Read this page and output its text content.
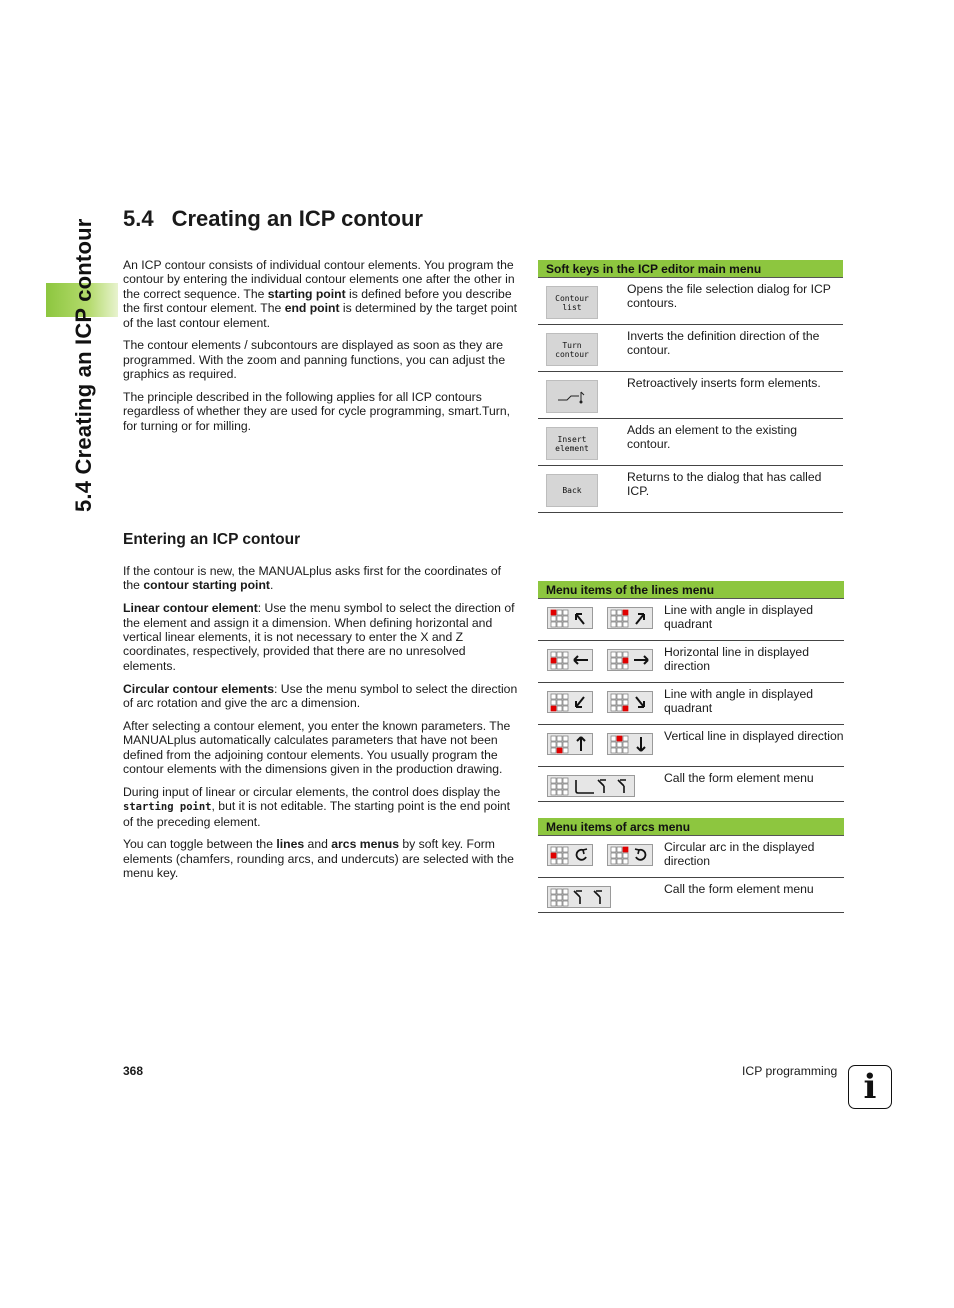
5.4 Creating an ICP contour	5.4 Creating an ICP contour

An ICP contour consists of individual contour elements. You program the contour by entering the individual contour elements one after the other in the correct sequence. The starting point is defined before you describe the first contour element. The end point is determined by the target point of the last contour element.

The contour elements / subcontours are displayed as soon as they are programmed. With the zoom and panning functions, you can adjust the graphics as required.

The principle described in the following applies for all ICP contours regardless of whether they are used for cycle programming, smart.Turn, for turning or for milling.

Entering an ICP contour

If the contour is new, the MANUALplus asks first for the coordinates of the contour starting point.

Linear contour element: Use the menu symbol to select the direction of the element and assign it a dimension. When defining horizontal and vertical linear elements, it is not necessary to enter the X and Z coordinates, respectively, provided that there are no unresolved elements.

Circular contour elements: Use the menu symbol to select the direction of arc rotation and give the arc a dimension.

After selecting a contour element, you enter the known parameters. The MANUALplus automatically calculates parameters that have not been defined from the adjoining contour elements. You usually program the contour elements with the dimensions given in the production drawing.

During input of linear or circular elements, the control does display the starting point, but it is not editable. The starting point is the end point of the preceding element.

You can toggle between the lines and arcs menus by soft key. Form elements (chamfers, rounding arcs, and undercuts) are selected with the menu key.

Soft keys in the ICP editor main menu
Contour
list
Opens the file selection dialog for ICP contours.
Turn
contour
Inverts the definition direction of the contour.
Retroactively inserts form elements.
Insert
element
Adds an element to the existing contour.
Back
Returns to the dialog that has called ICP.
Menu items of the lines menu
Line with angle in displayed quadrant
Horizontal line in displayed direction
Line with angle in displayed quadrant
Vertical line in displayed direction
Call the form element menu
Menu items of arcs menu
Circular arc in the displayed direction
Call the form element menu
368	ICP programming i
